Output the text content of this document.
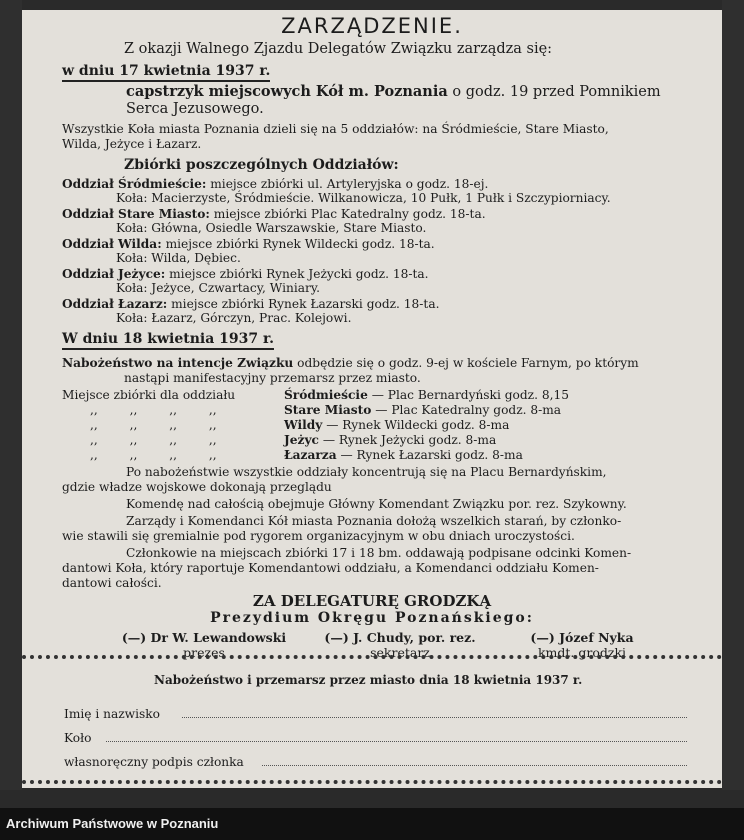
ZARZĄDZENIE.
Z okazji Walnego Zjazdu Delegatów Związku zarządza się:
w dniu 17 kwietnia 1937 r.
capstrzyk miejscowych Kół m. Poznania o godz. 19 przed Pomnikiem
Serca Jezusowego.
Wszystkie Koła miasta Poznania dzieli się na 5 oddziałów: na Śródmieście, Stare Miasto,
Wilda, Jeżyce i Łazarz.
Zbiórki poszczególnych Oddziałów:
Oddział Śródmieście: miejsce zbiórki ul. Artyleryjska o godz. 18-ej.
Koła: Macierzyste, Śródmieście. Wilkanowicza, 10 Pułk, 1 Pułk i Szczypiorniacy.
Oddział Stare Miasto: miejsce zbiórki Plac Katedralny godz. 18-ta.
Koła: Główna, Osiedle Warszawskie, Stare Miasto.
Oddział Wilda: miejsce zbiórki Rynek Wildecki godz. 18-ta.
Koła: Wilda, Dębiec.
Oddział Jeżyce: miejsce zbiórki Rynek Jeżycki godz. 18-ta.
Koła: Jeżyce, Czwartacy, Winiary.
Oddział Łazarz: miejsce zbiórki Rynek Łazarski godz. 18-ta.
Koła: Łazarz, Górczyn, Prac. Kolejowi.
W dniu 18 kwietnia 1937 r.
Nabożeństwo na intencje Związku odbędzie się o godz. 9-ej w kościele Farnym, po którym
nastąpi manifestacyjny przemarsz przez miasto.
Miejsce zbiórki dla oddziału	Śródmieście — Plac Bernardyński godz. 8,15
,,	,,	,,	,,	Stare Miasto — Plac Katedralny godz. 8-ma
,,	,,	,,	,,	Wildy — Rynek Wildecki godz. 8-ma
,,	,,	,,	,,	Jeżyc — Rynek Jeżycki godz. 8-ma
,,	,,	,,	,,	Łazarza — Rynek Łazarski godz. 8-ma
Po nabożeństwie wszystkie oddziały koncentrują się na Placu Bernardyńskim,
gdzie władze wojskowe dokonają przeglądu
Komendę nad całością obejmuje Główny Komendant Związku por. rez. Szykowny.
Zarządy i Komendanci Kół miasta Poznania dołożą wszelkich starań, by członko-
wie stawili się gremialnie pod rygorem organizacyjnym w obu dniach uroczystości.
Członkowie na miejscach zbiórki 17 i 18 bm. oddawają podpisane odcinki Komen-
dantowi Koła, który raportuje Komendantowi oddziału, a Komendanci oddziału Komen-
dantowi całości.
ZA DELEGATURĘ GRODZKĄ
Prezydium Okręgu Poznańskiego:
(—) Dr W. Lewandowski
prezes
(—) J. Chudy, por. rez.
sekretarz
(—) Józef Nyka
kmdt. grodzki
Nabożeństwo i przemarsz przez miasto dnia 18 kwietnia 1937 r.
Imię i nazwisko
Koło
własnoręczny podpis członka
Archiwum Państwowe w Poznaniu
